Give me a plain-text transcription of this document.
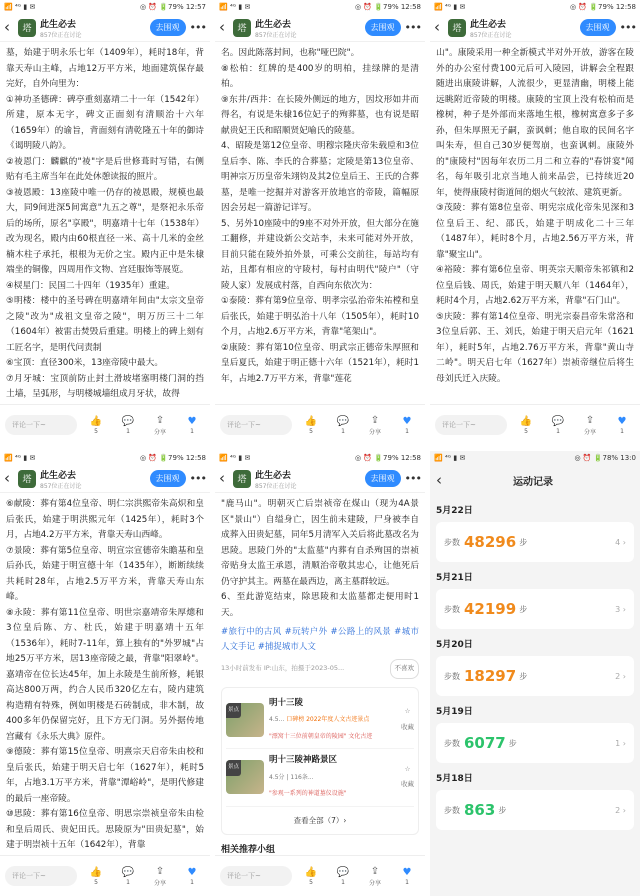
📶 ⁴ᴳ ▮ ✉	◎ ⏰ 🔋79% 12:57
‹	塔 此生必去
857位正在讨论
去围观 •••

墓，始建于明永乐七年（1409年），耗时18年，背靠天寿山主峰，占地12万平方米，地面建筑保存最完好，自外向里为：

①神功圣德碑：碑亭重刻嘉靖二十一年（1542年）所建，原本无字，碑文正面刻有清顺治十六年（1659年）的谕旨，背面刻有清乾隆五十年的御诗《谒明陵八韵》。

②祾恩门：麟麒的"祾"字是后世修葺时写错，右侧贴有毛主席当年在此处休憩读报的照片。

③祾恩殿：13座陵中唯一仍存的祾恩殿，规模也最大，同9间进深5间寓意"九五之尊"，是祭祀永乐帝后的场所，原名"享殿"，明嘉靖十七年（1538年）改为现名，殿内由60根直径一米、高十几米的金丝楠木柱子承托，根根为无价之宝。殿内正中是朱棣端坐的铜像，四周用作文物、宫廷服饰等展览。

④棂星门：民国二十四年（1935年）重建。

⑤明楼：楼中的圣号碑在明嘉靖年间由"太宗文皇帝之陵"改为"成祖文皇帝之陵"，明万历三十二年（1604年）被雷击焚毁后重建。明楼上的碑上刻有工匠名字，是明代问责制

⑥宝顶：直径300米，13座帝陵中最大。

⑦月牙城：宝顶前防止封土滑坡堵塞明楼门洞的挡土墙，呈弧形，与明楼城墙组成月牙状，故得

评论一下~	👍
5
💬
1
⇪
分享
♥
1
📶 ⁴ᴳ ▮ ✉	◎ ⏰ 🔋79% 12:58
‹	塔 此生必去
857位正在讨论
去围观 •••

名。因此陈落封间，也称"哑巴院"。

⑧松柏：红牌的是400岁的明柏，挂绿牌的是清柏。

⑨东井/西井：在长陵外侧远的地方，因坟形如井而得名，有说是朱棣16位妃子的殉葬墓，也有说是昭献贵妃王氏和昭顺贤妃喻氏的陵墓。

4、昭陵是第12位皇帝、明穆宗隆庆帝朱载垕和3位皇后李、陈、李氏的合葬墓；定陵是第13位皇帝、明神宗万历皇帝朱翊钧及其2位皇后王、王氏的合葬墓，是唯一挖掘并对游客开放地宫的帝陵，篇幅原因会另起一篇游记详写。

5、另外10座陵中的9座不对外开放，但大部分在施工翻修，并建设新公交站李，未来可能对外开放，目前只能在陵外拍外景，可乘公交前往，每站均有站，且都有相应的守陵村，每村由明代"陵户"（守陵人家）发展成村落，自西向东依次为：

①泰陵：葬有第9位皇帝、明孝宗弘治帝朱祐樘和皇后张氏，始建于明弘治十八年（1505年），耗时10个月，占地2.6万平方米，背靠"笔架山"。

②康陵：葬有第10位皇帝、明武宗正德帝朱厚照和皇后夏氏，始建于明正德十六年（1521年），耗时1年，占地2.7万平方米，背靠"莲花

评论一下~	👍
5
💬
1
⇪
分享
♥
1
📶 ⁴ᴳ ▮ ✉	◎ ⏰ 🔋79% 12:58
‹	塔 此生必去
857位正在讨论
去围观 •••

山"。康陵采用一种全新模式半对外开放，游客在陵外的办公室付费100元后可入陵园，讲解会全程跟随进出康陵讲解，人流很少，更显清幽，明楼上能远眺附近帝陵的明楼。康陵的宝顶上没有松柏而是橡树，种子是外部而来落地生根，橡树寓意多子多孙，但朱厚照无子嗣，蛮讽刺；他自取的民间名字叫朱寿，但自己30岁便驾崩，也蛮讽刺。康陵外的"康陵村"因每年农历二月二和立春的"春饼宴"闻名，每年吸引北京当地人前来品尝，已持续近20年，使得康陵村街道间的烟火气较浓、建筑更新。

③茂陵：葬有第8位皇帝、明宪宗成化帝朱见深和3位皇后王、纪、邵氏，始建于明成化二十三年（1487年），耗时8个月，占地2.56万平方米，背靠"聚宝山"。

④裕陵：葬有第6位皇帝、明英宗天顺帝朱祁镇和2位皇后钱、周氏，始建于明天顺八年（1464年），耗时4个月，占地2.62万平方米，背靠"石门山"。

⑤庆陵：葬有第14位皇帝、明光宗泰昌帝朱常洛和3位皇后郭、王、刘氏，始建于明天启元年（1621年），耗时5年，占地2.76万平方米，背靠"黄山寺二岭"。明天启七年（1627年）崇祯帝继位后将生母刘氏迁入庆陵。

评论一下~	👍
5
💬
1
⇪
分享
♥
1
📶 ⁴ᴳ ▮ ✉	◎ ⏰ 🔋79% 12:58
‹	塔 此生必去
857位正在讨论
去围观 •••

⑥献陵：葬有第4位皇帝、明仁宗洪熙帝朱高炽和皇后张氏，始建于明洪熙元年（1425年），耗时3个月，占地4.2万平方米，背靠天寿山西峰。

⑦景陵：葬有第5位皇帝、明宣宗宣德帝朱瞻基和皇后孙氏，始建于明宣德十年（1435年），断断续续共耗时28年，占地2.5万平方米，背靠天寿山东峰。

⑧永陵：葬有第11位皇帝、明世宗嘉靖帝朱厚熜和3位皇后陈、方、杜氏，始建于明嘉靖十五年（1536年），耗时7-11年，算上独有的"外罗城"占地25万平方米，居13座帝陵之最，背靠"阳翠岭"。嘉靖帝在位长达45年，加上永陵是生前所修，耗银高达800万两，约合人民币320亿左右，陵内建筑构造精有特殊，例如明楼是石砖制成，非木制，故400多年仍保留完好，且下方无门洞。另外据传地宫藏有《永乐大典》原件。

⑨德陵：葬有第15位皇帝、明熹宗天启帝朱由校和皇后张氏，始建于明天启七年（1627年），耗时5年，占地3.1万平方米，背靠"潭峪岭"，是明代修建的最后一座帝陵。

⑩思陵：葬有第16位皇帝、明思宗崇祯皇帝朱由检和皇后周氏、贵妃田氏。思陵原为"田贵妃墓"，始建于明崇祯十五年（1642年），背靠

评论一下~	👍
5
💬
1
⇪
分享
♥
1
📶 ⁴ᴳ ▮ ✉	◎ ⏰ 🔋79% 12:58
‹	塔 此生必去
857位正在讨论
去围观 •••

"鹿马山"。明朝灭亡后崇祯帝在煤山（现为4A景区"景山"）自缢身亡，因生前未建陵，尸身被李自成葬入田贵妃墓，同年5月清军入关后将此墓改名为思陵。思陵门外的"太监墓"内葬有自杀殉国的崇祯帝贴身太监王承恩，清顺治帝敬其忠心，让他死后仍守护其主。两墓在最西边，离主墓群较远。

6、至此游览结束，除思陵和太监墓都走便用时1天。

#旅行中的古风 #玩转户外 #公路上的风景 #城市人文手记 #捕捉城市人文
13小时前发布 IP:山东，拍摄于2023-05...	不喜欢
景点
明十三陵
4.5... 口碑榜 2022年度人文古迹景点
"漂窝十三位前朝皇帝的陵园" 文化古迹
☆
收藏
景点
明十三陵神路景区
4.5分 | 116条...
"参观一系列的神道墓仪设施"
☆
收藏
查看全部（7）›
相关推荐小组
评论一下~	👍
5
💬
1
⇪
分享
♥
1
📶 ⁴ᴳ ▮ ✉	◎ ⏰ 🔋78% 13:0
‹	运动记录
5月22日
步数 48296 步	4 ›
5月21日
步数 42199 步	3 ›
5月20日
步数 18297 步	2 ›
5月19日
步数 6077 步	1 ›
5月18日
步数 863 步	2 ›
